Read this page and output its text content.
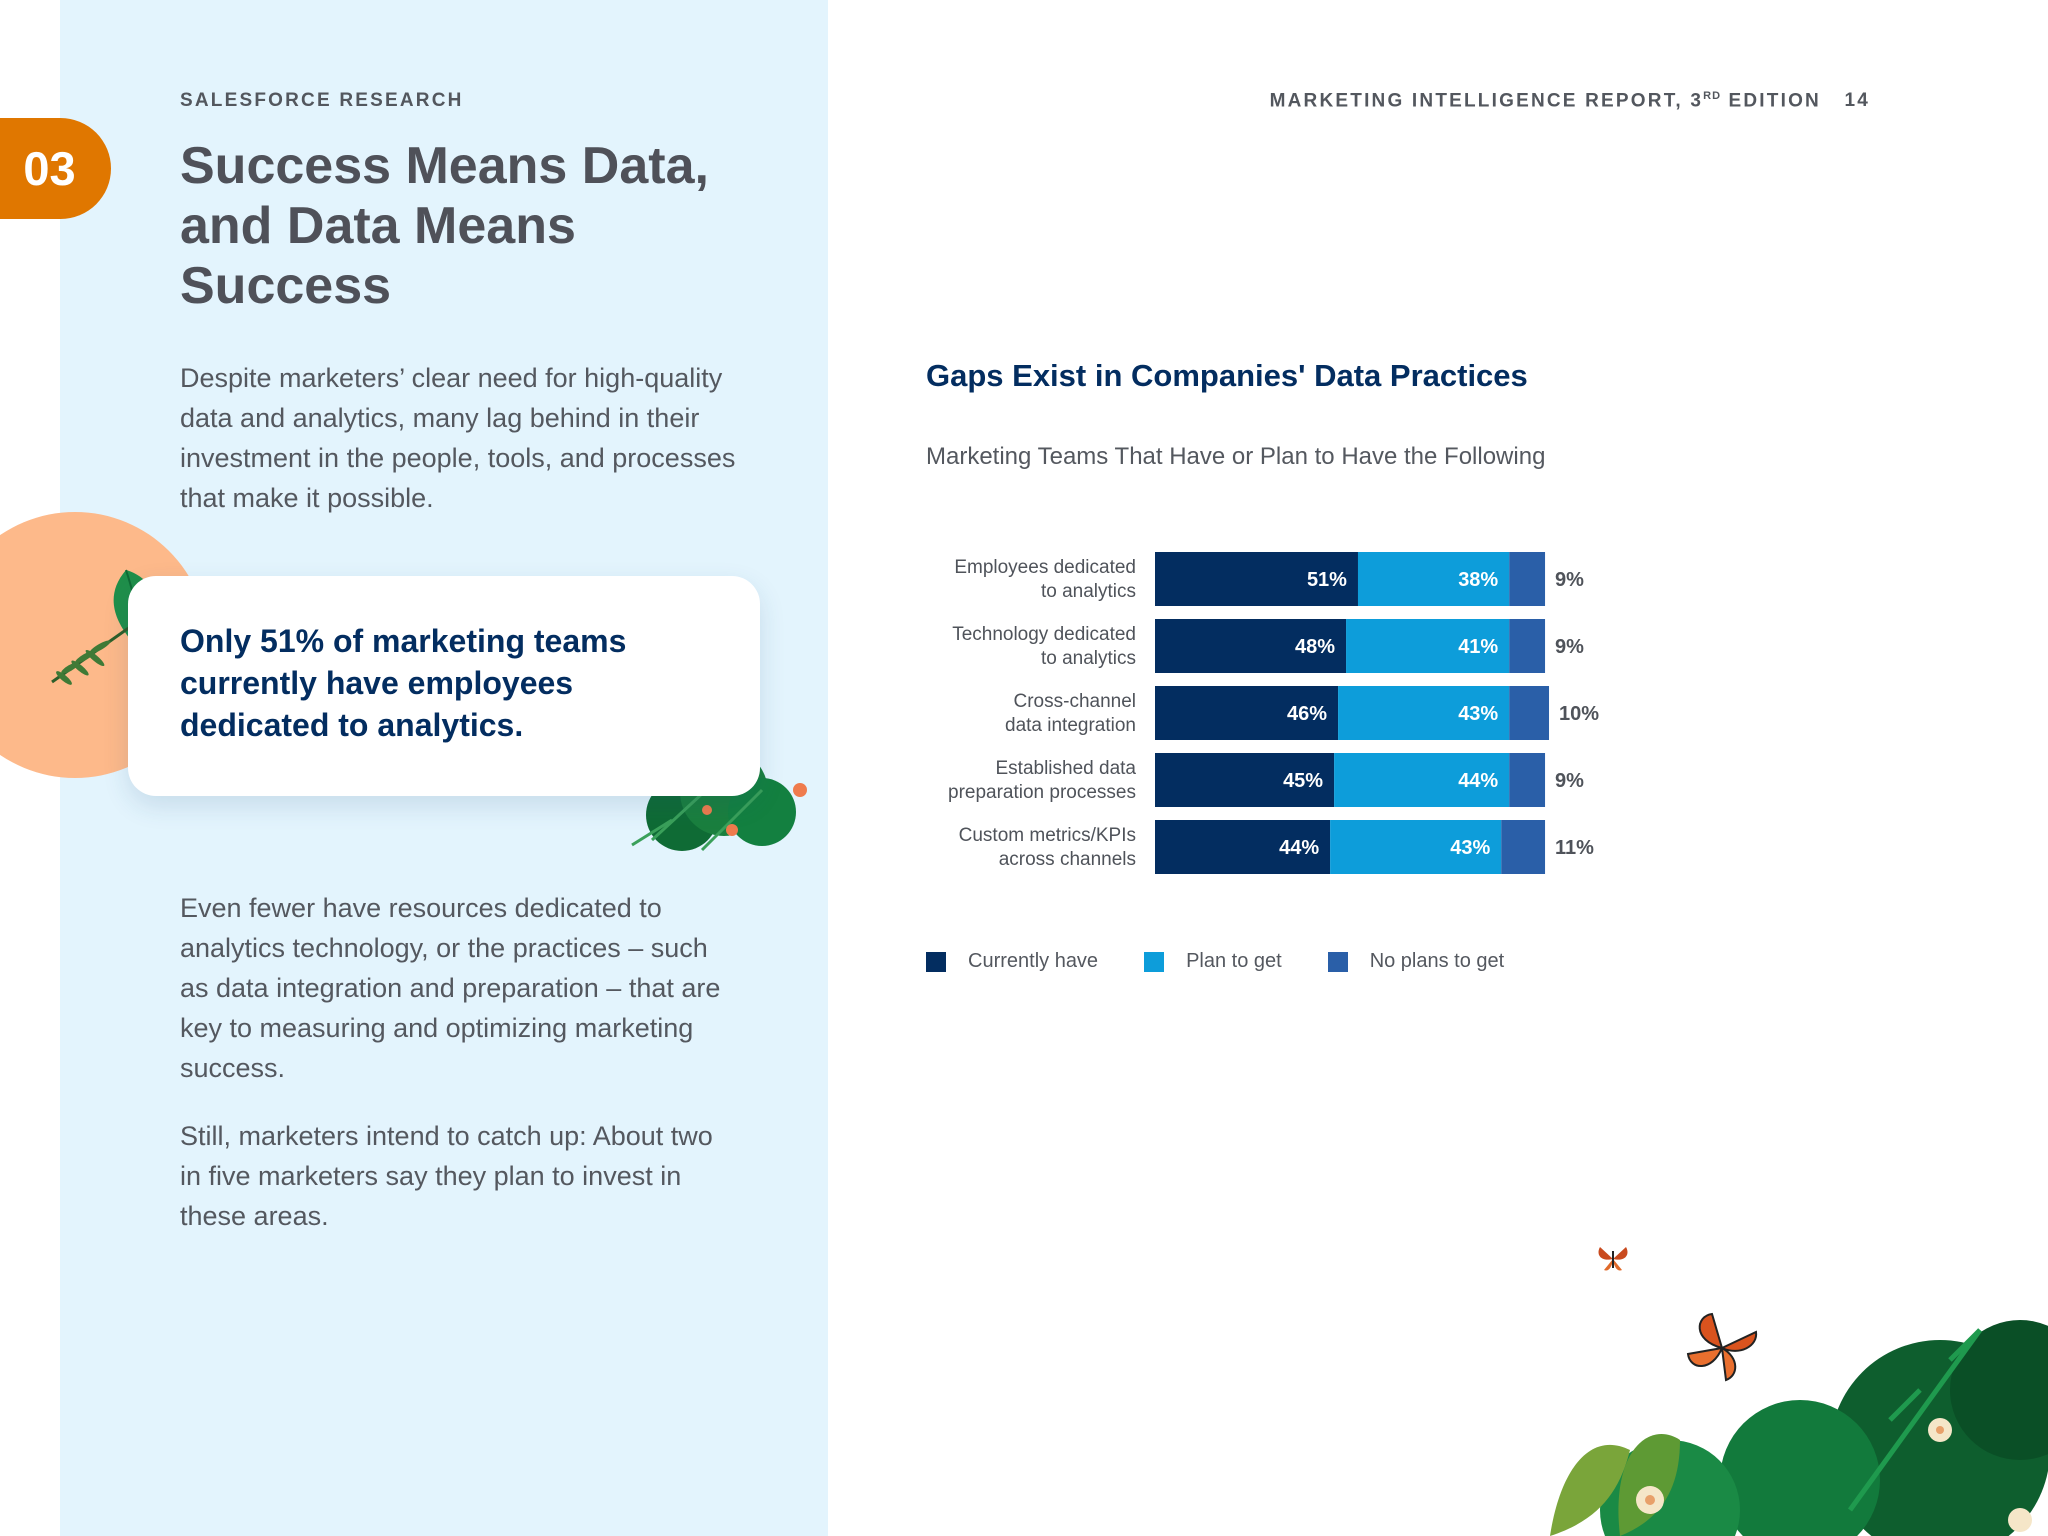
SALESFORCE RESEARCH	MARKETING INTELLIGENCE REPORT, 3RD EDITION 14
03	Success Means Data, and Data Means Success

Despite marketers’ clear need for high-quality data and analytics, many lag behind in their investment in the people, tools, and processes that make it possible.

Only 51% of marketing teams currently have employees dedicated to analytics.

Even fewer have resources dedicated to analytics technology, or the practices – such as data integration and preparation – that are key to measuring and optimizing marketing success.

Still, marketers intend to catch up: About two in five marketers say they plan to invest in these areas.

Gaps Exist in Companies' Data Practices

Marketing Teams That Have or Plan to Have the Following

Employees dedicated
to analytics
51%	38%	9%
Technology dedicated
to analytics
48%	41%	9%
Cross-channel
data integration
46%	43%	10%
Established data
preparation processes
45%	44%	9%
Custom metrics/KPIs
across channels
44%	43%	11%
Currently have	Plan to get	No plans to get
